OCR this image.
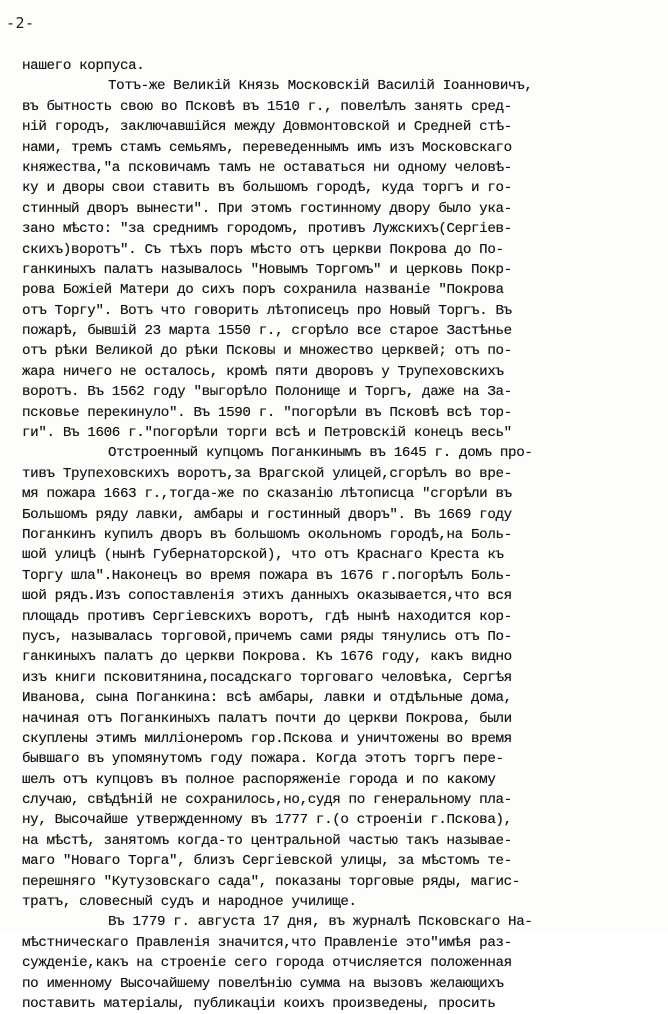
-2-
нашего корпуса.
Тотъ-же Великій Князь Московскій Василій Іоанновичъ,
въ бытность свою во Псковѣ въ 1510 г., повелѣлъ занять сред-
ній городъ, заключавшійся между Довмонтовской и Средней стѣ-
нами, тремъ стамъ семьямъ, переведеннымъ имъ изъ Московскаго
княжества,"а псковичамъ тамъ не оставаться ни одному человѣ-
ку и дворы свои ставить въ большомъ городѣ, куда торгъ и го-
стинный дворъ вынести". При этомъ гостинному двору было ука-
зано мѣсто: "за среднимъ городомъ, противъ Лужскихъ(Сергіев-
скихъ)воротъ". Съ тѣхъ поръ мѣсто отъ церкви Покрова до По-
ганкиныхъ палатъ называлось "Новымъ Торгомъ" и церковь Покр-
рова Божіей Матери до сихъ поръ сохранила названіе "Покрова
отъ Торгу". Вотъ что говорить лѣтописецъ про Новый Торгъ. Въ
пожарѣ, бывшій 23 марта 1550 г., сгорѣло все старое Застѣнье
отъ рѣки Великой до рѣки Псковы и множество церквей; отъ по-
жара ничего не осталось, кромѣ пяти дворовъ у Трупеховскихъ
воротъ. Въ 1562 году "выгорѣло Полонище и Торгъ, даже на За-
псковье перекинуло". Въ 1590 г. "погорѣли въ Псковѣ всѣ тор-
ги". Въ 1606 г."погорѣли торги всѣ и Петровскій конецъ весь"
Отстроенный купцомъ Поганкинымъ въ 1645 г. домъ про-
тивъ Трупеховскихъ воротъ,за Врагской улицей,сгорѣлъ во вре-
мя пожара 1663 г.,тогда-же по сказанію лѣтописца "сгорѣли въ
Большомъ ряду лавки, амбары и гостинный дворъ". Въ 1669 году
Поганкинъ купилъ дворъ въ большомъ окольномъ городѣ,на Боль-
шой улицѣ (нынѣ Губернаторской), что отъ Краснаго Креста къ
Торгу шла".Наконецъ во время пожара въ 1676 г.погорѣлъ Боль-
шой рядъ.Изъ сопоставленія этихъ данныхъ оказывается,что вся
площадь противъ Сергіевскихъ воротъ, гдѣ нынѣ находится кор-
пусъ, называлась торговой,причемъ сами ряды тянулись отъ По-
ганкиныхъ палатъ до церкви Покрова. Къ 1676 году, какъ видно
изъ книги псковитянина,посадскаго торговаго человѣка, Сергѣя
Иванова, сына Поганкина: всѣ амбары, лавки и отдѣльные дома,
начиная отъ Поганкиныхъ палатъ почти до церкви Покрова, были
скуплены этимъ милліонеромъ гор.Пскова и уничтожены во время
бывшаго въ упомянутомъ году пожара. Когда этотъ торгъ пере-
шелъ отъ купцовъ въ полное распоряженіе города и по какому
случаю, свѣдѣній не сохранилось,но,судя по генеральному пла-
ну, Высочайше утвержденному въ 1777 г.(о строеніи г.Пскова),
на мѣстѣ, занятомъ когда-то центральной частью такъ называе-
маго "Новаго Торга", близъ Сергіевской улицы, за мѣстомъ те-
перешняго "Кутузовскаго сада", показаны торговые ряды, магис-
тратъ, словесный судъ и народное училище.
Въ 1779 г. августа 17 дня, въ журналѣ Псковскаго На-
мѣстническаго Правленія значится,что Правленіе это"имѣя раз-
сужденіе,какъ на строеніе сего города отчисляется положенная
по именному Высочайшему повелѣнію сумма на вызовъ желающихъ
поставить матеріалы, публикаціи коихъ произведены, просить
